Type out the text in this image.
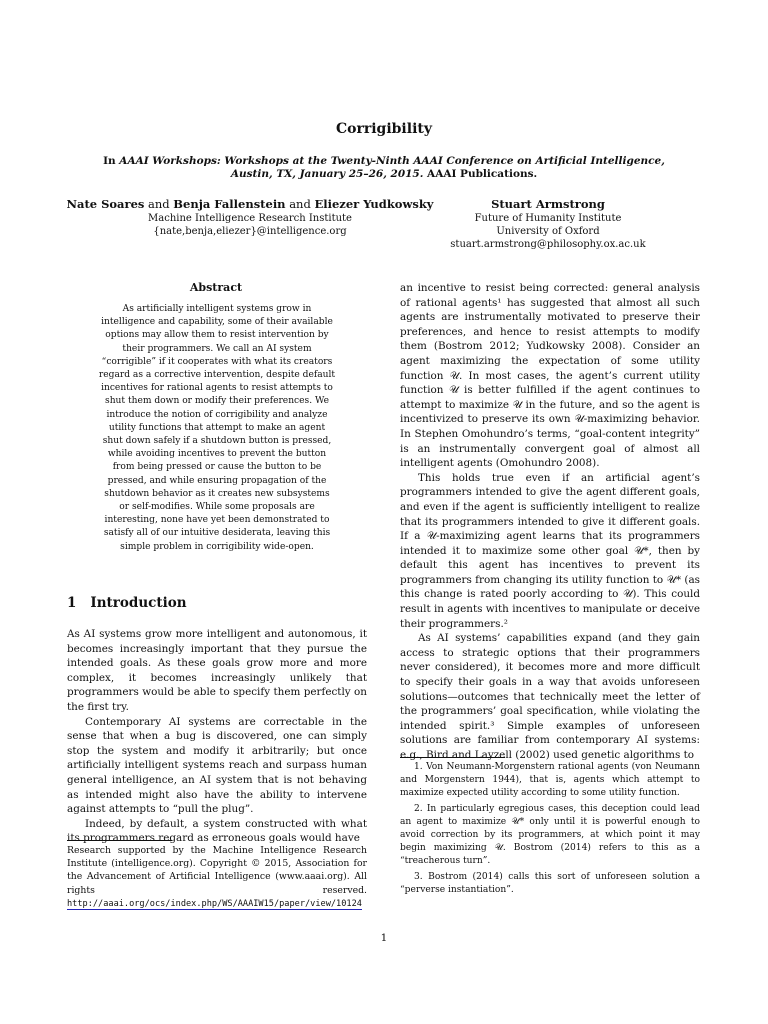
Corrigibility
In AAAI Workshops: Workshops at the Twenty-Ninth AAAI Conference on Artificial Intelligence, Austin, TX, January 25–26, 2015. AAAI Publications.
Nate Soares and Benja Fallenstein and Eliezer Yudkowsky
Machine Intelligence Research Institute
{nate,benja,eliezer}@intelligence.org
Stuart Armstrong
Future of Humanity Institute
University of Oxford
stuart.armstrong@philosophy.ox.ac.uk
Abstract
As artificially intelligent systems grow in intelligence and capability, some of their available options may allow them to resist intervention by their programmers. We call an AI system “corrigible” if it cooperates with what its creators regard as a corrective intervention, despite default incentives for rational agents to resist attempts to shut them down or modify their preferences. We introduce the notion of corrigibility and analyze utility functions that attempt to make an agent shut down safely if a shutdown button is pressed, while avoiding incentives to prevent the button from being pressed or cause the button to be pressed, and while ensuring propagation of the shutdown behavior as it creates new subsystems or self-modifies. While some proposals are interesting, none have yet been demonstrated to satisfy all of our intuitive desiderata, leaving this simple problem in corrigibility wide-open.
1 Introduction

As AI systems grow more intelligent and autonomous, it becomes increasingly important that they pursue the intended goals. As these goals grow more and more complex, it becomes increasingly unlikely that programmers would be able to specify them perfectly on the first try.

Contemporary AI systems are correctable in the sense that when a bug is discovered, one can simply stop the system and modify it arbitrarily; but once artificially intelligent systems reach and surpass human general intelligence, an AI system that is not behaving as intended might also have the ability to intervene against attempts to “pull the plug”.

Indeed, by default, a system constructed with what its programmers regard as erroneous goals would have

Research supported by the Machine Intelligence Research Institute (intelligence.org). Copyright © 2015, Association for the Advancement of Artificial Intelligence (www.aaai.org). All rights reserved. http://aaai.org/ocs/index.php/WS/AAAIW15/paper/view/10124

an incentive to resist being corrected: general analysis of rational agents¹ has suggested that almost all such agents are instrumentally motivated to preserve their preferences, and hence to resist attempts to modify them (Bostrom 2012; Yudkowsky 2008). Consider an agent maximizing the expectation of some utility function 𝒰. In most cases, the agent’s current utility function 𝒰 is better fulfilled if the agent continues to attempt to maximize 𝒰 in the future, and so the agent is incentivized to preserve its own 𝒰-maximizing behavior. In Stephen Omohundro’s terms, “goal-content integrity” is an instrumentally convergent goal of almost all intelligent agents (Omohundro 2008).

This holds true even if an artificial agent’s programmers intended to give the agent different goals, and even if the agent is sufficiently intelligent to realize that its programmers intended to give it different goals. If a 𝒰-maximizing agent learns that its programmers intended it to maximize some other goal 𝒰*, then by default this agent has incentives to prevent its programmers from changing its utility function to 𝒰* (as this change is rated poorly according to 𝒰). This could result in agents with incentives to manipulate or deceive their programmers.²

As AI systems’ capabilities expand (and they gain access to strategic options that their programmers never considered), it becomes more and more difficult to specify their goals in a way that avoids unforeseen solutions—outcomes that technically meet the letter of the programmers’ goal specification, while violating the intended spirit.³ Simple examples of unforeseen solutions are familiar from contemporary AI systems: e.g., Bird and Layzell (2002) used genetic algorithms to

1. Von Neumann-Morgenstern rational agents (von Neumann and Morgenstern 1944), that is, agents which attempt to maximize expected utility according to some utility function.

2. In particularly egregious cases, this deception could lead an agent to maximize 𝒰* only until it is powerful enough to avoid correction by its programmers, at which point it may begin maximizing 𝒰. Bostrom (2014) refers to this as a “treacherous turn”.

3. Bostrom (2014) calls this sort of unforeseen solution a “perverse instantiation”.

1
